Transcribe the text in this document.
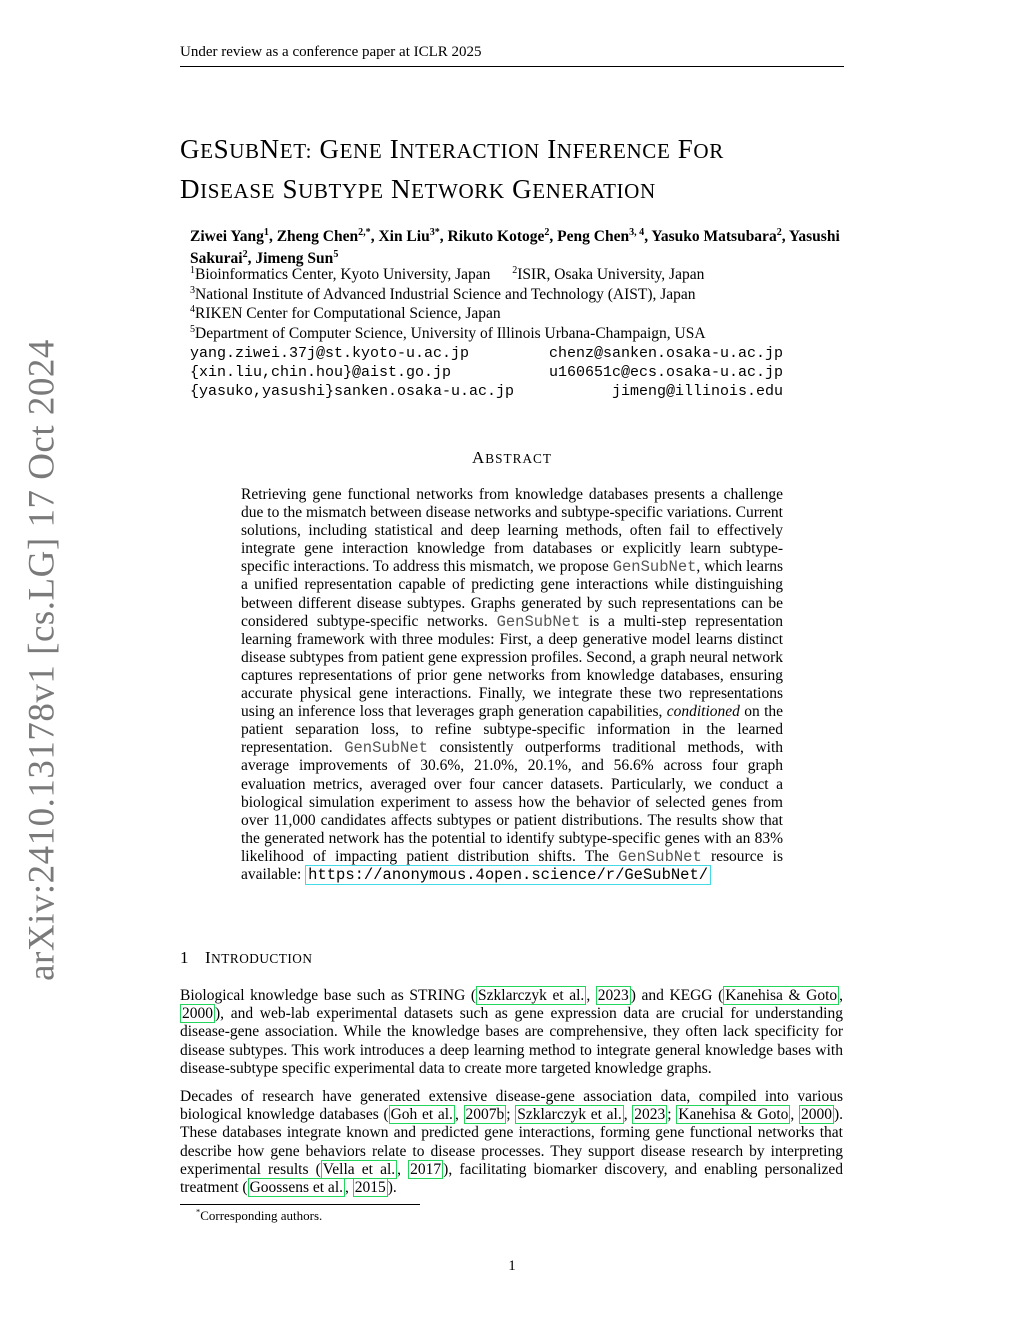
Under review as a conference paper at ICLR 2025
arXiv:2410.13178v1 [cs.LG] 17 Oct 2024
GESUBNET: GENE INTERACTION INFERENCE FOR
DISEASE SUBTYPE NETWORK GENERATION
Ziwei Yang$^1$, Zheng Chen$^{2,*}$, Xin Liu$^{3*}$, Rikuto Kotoge$^2$, Peng Chen$^{3, 4}$, Yasuko Matsubara$^2$, Yasushi Sakurai$^2$, Jimeng Sun$^5$
$^1$Bioinformatics Center, Kyoto University, Japan $^2$ISIR, Osaka University, Japan
$^3$National Institute of Advanced Industrial Science and Technology (AIST), Japan
$^4$RIKEN Center for Computational Science, Japan
$^5$Department of Computer Science, University of Illinois Urbana-Champaign, USA
yang.ziwei.37j@st.kyoto-u.ac.jp	chenz@sanken.osaka-u.ac.jp
{xin.liu,chin.hou}@aist.go.jp	u160651c@ecs.osaka-u.ac.jp
{yasuko,yasushi}sanken.osaka-u.ac.jp	jimeng@illinois.edu
ABSTRACT
Retrieving gene functional networks from knowledge databases presents a challenge due to the mismatch between disease networks and subtype-specific variations. Current solutions, including statistical and deep learning methods, often fail to effectively integrate gene interaction knowledge from databases or explicitly learn subtype-specific interactions. To address this mismatch, we propose GenSubNet, which learns a unified representation capable of predicting gene interactions while distinguishing between different disease subtypes. Graphs generated by such representations can be considered subtype-specific networks. GenSubNet is a multi-step representation learning framework with three modules: First, a deep generative model learns distinct disease subtypes from patient gene expression profiles. Second, a graph neural network captures representations of prior gene networks from knowledge databases, ensuring accurate physical gene interactions. Finally, we integrate these two representations using an inference loss that leverages graph generation capabilities, conditioned on the patient separation loss, to refine subtype-specific information in the learned representation. GenSubNet consistently outperforms traditional methods, with average improvements of 30.6%, 21.0%, 20.1%, and 56.6% across four graph evaluation metrics, averaged over four cancer datasets. Particularly, we conduct a biological simulation experiment to assess how the behavior of selected genes from over 11,000 candidates affects subtypes or patient distributions. The results show that the generated network has the potential to identify subtype-specific genes with an 83% likelihood of impacting patient distribution shifts. The GenSubNet resource is available: https://anonymous.4open.science/r/GeSubNet/
1 INTRODUCTION
Biological knowledge base such as STRING ( Szklarczyk et al. , 2023 ) and KEGG ( Kanehisa & Goto , 2000 ), and web-lab experimental datasets such as gene expression data are crucial for understanding disease-gene association. While the knowledge bases are comprehensive, they often lack specificity for disease subtypes. This work introduces a deep learning method to integrate general knowledge bases with disease-subtype specific experimental data to create more targeted knowledge graphs.
Decades of research have generated extensive disease-gene association data, compiled into various biological knowledge databases ( Goh et al. , 2007b ; Szklarczyk et al. , 2023 ; Kanehisa & Goto , 2000 ). These databases integrate known and predicted gene interactions, forming gene functional networks that describe how gene behaviors relate to disease processes. They support disease research by interpreting experimental results ( Vella et al. , 2017 ), facilitating biomarker discovery, and enabling personalized treatment ( Goossens et al. , 2015 ).
*Corresponding authors.
1
